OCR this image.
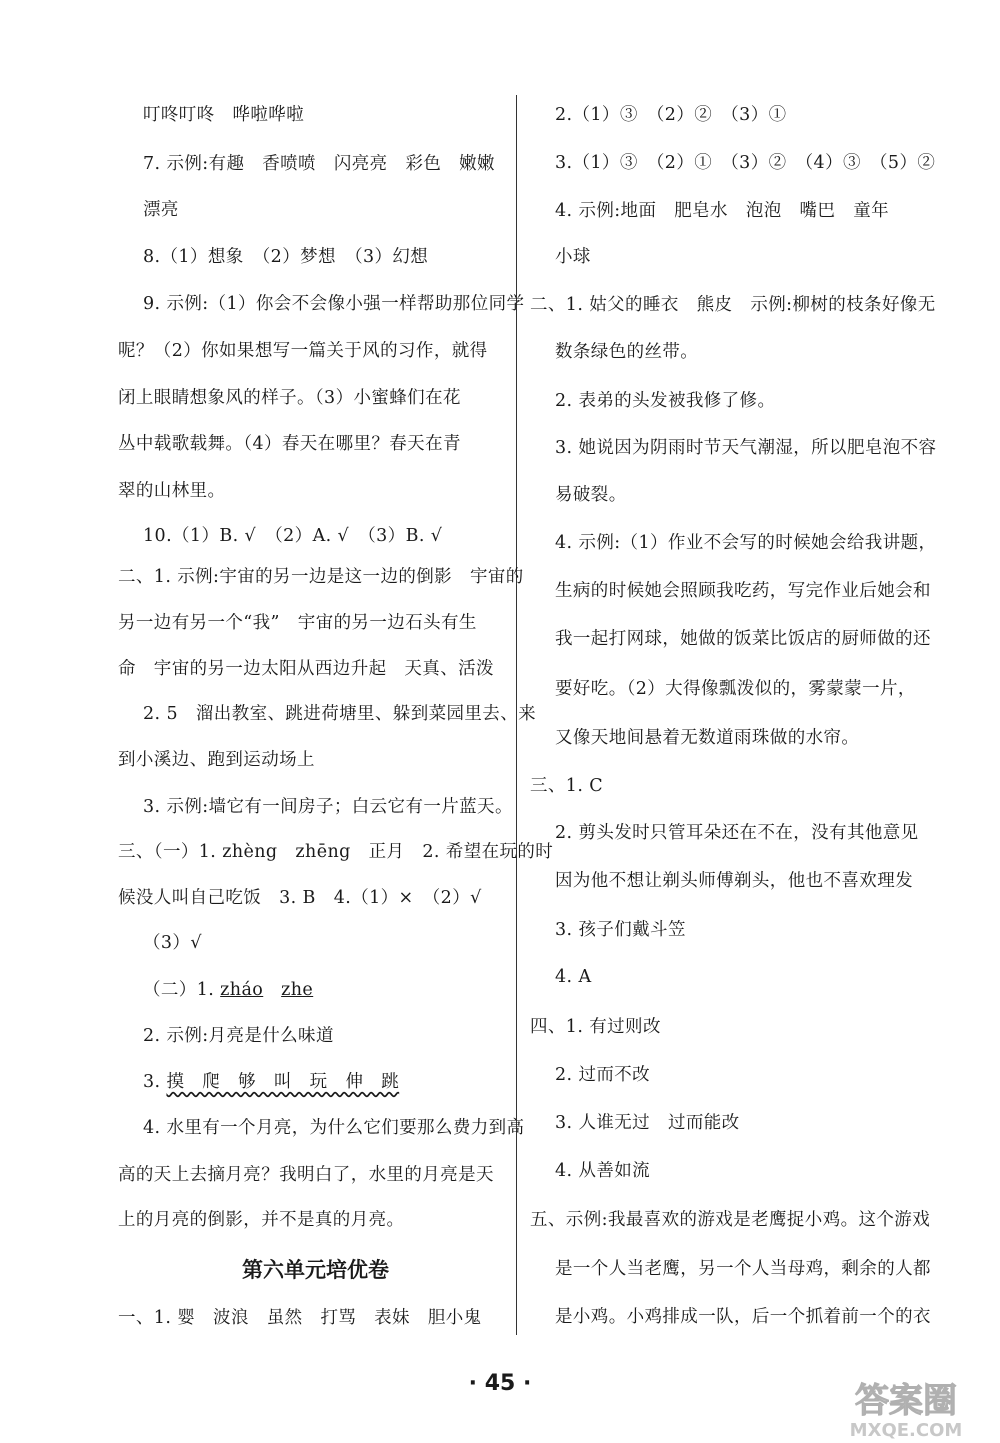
叮咚叮咚　哗啦哗啦
7. 示例:有趣　香喷喷　闪亮亮　彩色　嫩嫩
漂亮
8.（1）想象　（2）梦想　（3）幻想
9. 示例:（1）你会不会像小强一样帮助那位同学
呢？（2）你如果想写一篇关于风的习作，就得
闭上眼睛想象风的样子。（3）小蜜蜂们在花
丛中载歌载舞。（4）春天在哪里？春天在青
翠的山林里。
10.（1）B. √　（2）A. √　（3）B. √
二、1. 示例:宇宙的另一边是这一边的倒影　宇宙的
另一边有另一个“我”　宇宙的另一边石头有生
命　宇宙的另一边太阳从西边升起　天真、活泼
2. 5　溜出教室、跳进荷塘里、躲到菜园里去、来
到小溪边、跑到运动场上
3. 示例:墙它有一间房子；白云它有一片蓝天。
三、（一）1. zhèng　zhēng　正月　2. 希望在玩的时
候没人叫自己吃饭　3. B　4.（1）×　（2）√
（3）√
（二）1. zháo　 zhe
2. 示例:月亮是什么味道
3. 摸　爬　够　叫　玩　伸　跳
4. 水里有一个月亮，为什么它们要那么费力到高
高的天上去摘月亮？我明白了，水里的月亮是天
上的月亮的倒影，并不是真的月亮。
第六单元培优卷
一、1. 婴　波浪　虽然　打骂　表妹　胆小鬼
2.（1）③　（2）②　（3）①
3.（1）③　（2）①　（3）②　（4）③　（5）②
4. 示例:地面　肥皂水　泡泡　嘴巴　童年
小球
二、1. 姑父的睡衣　熊皮　示例:柳树的枝条好像无
数条绿色的丝带。
2. 表弟的头发被我修了修。
3. 她说因为阴雨时节天气潮湿，所以肥皂泡不容
易破裂。
4. 示例:（1）作业不会写的时候她会给我讲题，
生病的时候她会照顾我吃药，写完作业后她会和
我一起打网球，她做的饭菜比饭店的厨师做的还
要好吃。（2）大得像瓢泼似的，雾蒙蒙一片，
又像天地间悬着无数道雨珠做的水帘。
三、1. C
2. 剪头发时只管耳朵还在不在，没有其他意见
因为他不想让剃头师傅剃头，他也不喜欢理发
3. 孩子们戴斗笠
4. A
四、1. 有过则改
2. 过而不改
3. 人谁无过　过而能改
4. 从善如流
五、示例:我最喜欢的游戏是老鹰捉小鸡。这个游戏
是一个人当老鹰，另一个人当母鸡，剩余的人都
是小鸡。小鸡排成一队，后一个抓着前一个的衣
· 45 ·	答案圈
MXQE.COM
